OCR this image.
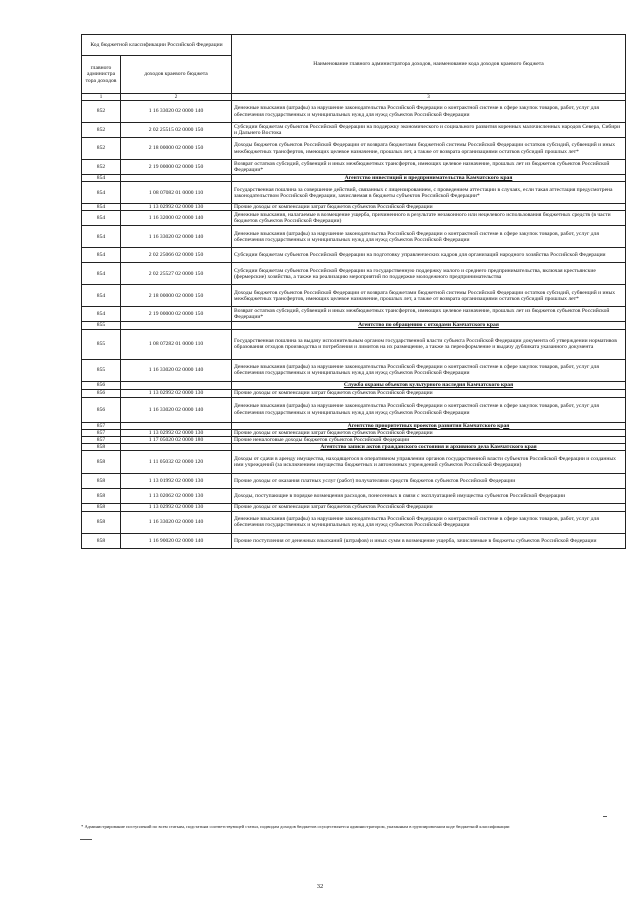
Код бюджетной классификации Российской Федерации		Наименование главного администратора доходов, наименование кода доходов краевого бюджета
главного администра тора доходов	доходов краевого бюджета	
1	2	3
852	1 16 33020 02 0000 140	Денежные взыскания (штрафы) за нарушение законодательства Российской Федерации о контрактной системе в сфере закупок товаров, работ, услуг для обеспечения государственных и муниципальных нужд для нужд субъектов Российской Федерации
852	2 02 25515 02 0000 150	Субсидии бюджетам субъектов Российской Федерации на поддержку экономического и социального развития коренных малочисленных народов Севера, Сибири и Дальнего Востока
852	2 18 00000 02 0000 150	Доходы бюджетов субъектов Российской Федерации от возврата бюджетами бюджетной системы Российской Федерации остатков субсидий, субвенций и иных межбюджетных трансфертов, имеющих целевое назначение, прошлых лет, а также от возврата организациями остатков субсидий прошлых лет*
852	2 19 00000 02 0000 150	Возврат остатков субсидий, субвенций и иных межбюджетных трансфертов, имеющих целевое назначение, прошлых лет из бюджетов субъектов Российской Федерации*
854		Агентство инвестиций и предпринимательства Камчатского края
854	1 08 07082 01 0000 110	Государственная пошлина за совершение действий, связанных с лицензированием, с проведением аттестации в случаях, если такая аттестация предусмотрена законодательством Российской Федерации, зачисляемая в бюджеты субъектов Российской Федерации*
854	1 13 02992 02 0000 130	Прочие доходы от компенсации затрат бюджетов субъектов Российской Федерации
854	1 16 32000 02 0000 140	Денежные взыскания, налагаемые в возмещение ущерба, причиненного в результате незаконного или нецелевого использования бюджетных средств (в части бюджетов субъектов Российской Федерации)
854	1 16 33020 02 0000 140	Денежные взыскания (штрафы) за нарушение законодательства Российской Федерации о контрактной системе в сфере закупок товаров, работ, услуг для обеспечения государственных и муниципальных нужд для нужд субъектов Российской Федерации
854	2 02 25066 02 0000 150	Субсидии бюджетам субъектов Российской Федерации на подготовку управленческих кадров для организаций народного хозяйства Российской Федерации
854	2 02 25527 02 0000 150	Субсидии бюджетам субъектов Российской Федерации на государственную поддержку малого и среднего предпринимательства, включая крестьянские (фермерские) хозяйства, а также на реализацию мероприятий по поддержке молодежного предпринимательства
854	2 18 00000 02 0000 150	Доходы бюджетов субъектов Российской Федерации от возврата бюджетами бюджетной системы Российской Федерации остатков субсидий, субвенций и иных межбюджетных трансфертов, имеющих целевое назначение, прошлых лет, а также от возврата организациями остатков субсидий прошлых лет*
854	2 19 00000 02 0000 150	Возврат остатков субсидий, субвенций и иных межбюджетных трансфертов, имеющих целевое назначение, прошлых лет из бюджетов субъектов Российской Федерации*
855		Агентство по обращению с отходами Камчатского края
855	1 08 07282 01 0000 110	Государственная пошлина за выдачу исполнительным органом государственной власти субъекта Российской Федерации документа об утверждении нормативов образования отходов производства и потребления и лимитов на их размещение, а также за переоформление и выдачу дубликата указанного документа
855	1 16 33020 02 0000 140	Денежные взыскания (штрафы) за нарушение законодательства Российской Федерации о контрактной системе в сфере закупок товаров, работ, услуг для обеспечения государственных и муниципальных нужд для нужд субъектов Российской Федерации
856		Служба охраны объектов культурного наследия Камчатского края
856	1 13 02992 02 0000 130	Прочие доходы от компенсации затрат бюджетов субъектов Российской Федерации
856	1 16 33020 02 0000 140	Денежные взыскания (штрафы) за нарушение законодательства Российской Федерации о контрактной системе в сфере закупок товаров, работ, услуг для обеспечения государственных и муниципальных нужд для нужд субъектов Российской Федерации
857		Агентство приоритетных проектов развития Камчатского края
857	1 13 02992 02 0000 130	Прочие доходы от компенсации затрат бюджетов субъектов Российской Федерации
857	1 17 05020 02 0000 180	Прочие неналоговые доходы бюджетов субъектов Российской Федерации
858		Агентство записи актов гражданского состояния и архивного дела Камчатского края
858	1 11 05032 02 0000 120	Доходы от сдачи в аренду имущества, находящегося в оперативном управлении органов государственной власти субъектов Российской Федерации и созданных ими учреждений (за исключением имущества бюджетных и автономных учреждений субъектов Российской Федерации)
858	1 13 01992 02 0000 130	Прочие доходы от оказания платных услуг (работ) получателями средств бюджетов субъектов Российской Федерации
858	1 13 02062 02 0000 130	Доходы, поступающие в порядке возмещения расходов, понесенных в связи с эксплуатацией имущества субъектов Российской Федерации
858	1 13 02992 02 0000 130	Прочие доходы от компенсации затрат бюджетов субъектов Российской Федерации
858	1 16 33020 02 0000 140	Денежные взыскания (штрафы) за нарушение законодательства Российской Федерации о контрактной системе в сфере закупок товаров, работ, услуг для обеспечения государственных и муниципальных нужд для нужд субъектов Российской Федерации
858	1 16 90020 02 0000 140	Прочие поступления от денежных взысканий (штрафов) и иных сумм в возмещение ущерба, зачисляемые в бюджеты субъектов Российской Федерации
* Администрирование поступлений по всем статьям, подстатьям соответствующей статьи, подвидам доходов бюджетов осуществляется администратором, указанным в группировочном коде бюджетной классификации
32
